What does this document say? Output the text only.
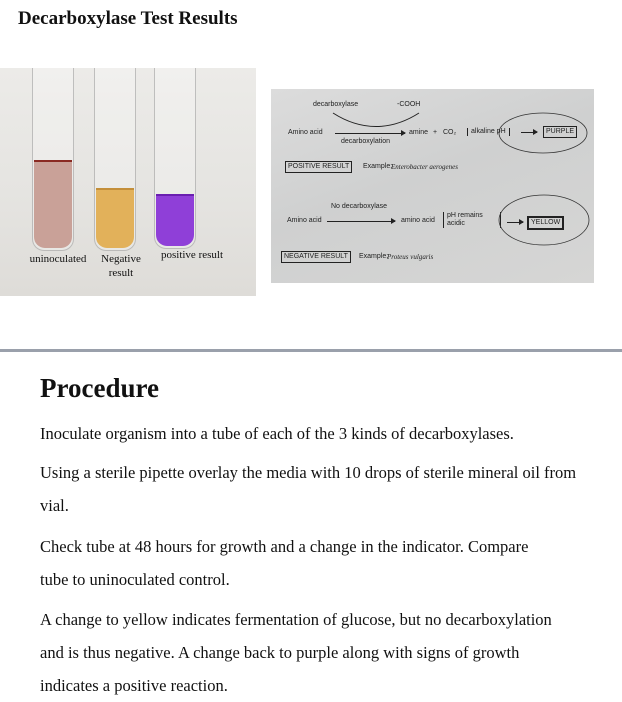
Decarboxylase Test Results
uninoculated	Negative result
positive result
decarboxylase	-COOH
Amino acid
decarboxylation
amine + CO₂	alkaline pH	PURPLE
POSITIVE RESULT	Example:
Enterobacter aerogenes
No decarboxylase
Amino acid	amino acid
pH remains acidic	YELLOW
NEGATIVE RESULT	Example:
Proteus vulgaris
Procedure
Inoculate organism into a tube of each of the 3 kinds of decarboxylases.
Using a sterile pipette overlay the media with 10 drops of sterile mineral oil from vial.
Check tube at 48 hours for growth and a change in the indicator. Compare tube to uninoculated control.
A change to yellow indicates fermentation of glucose, but no decarboxylation and is thus negative. A change back to purple along with signs of growth indicates a positive reaction.
